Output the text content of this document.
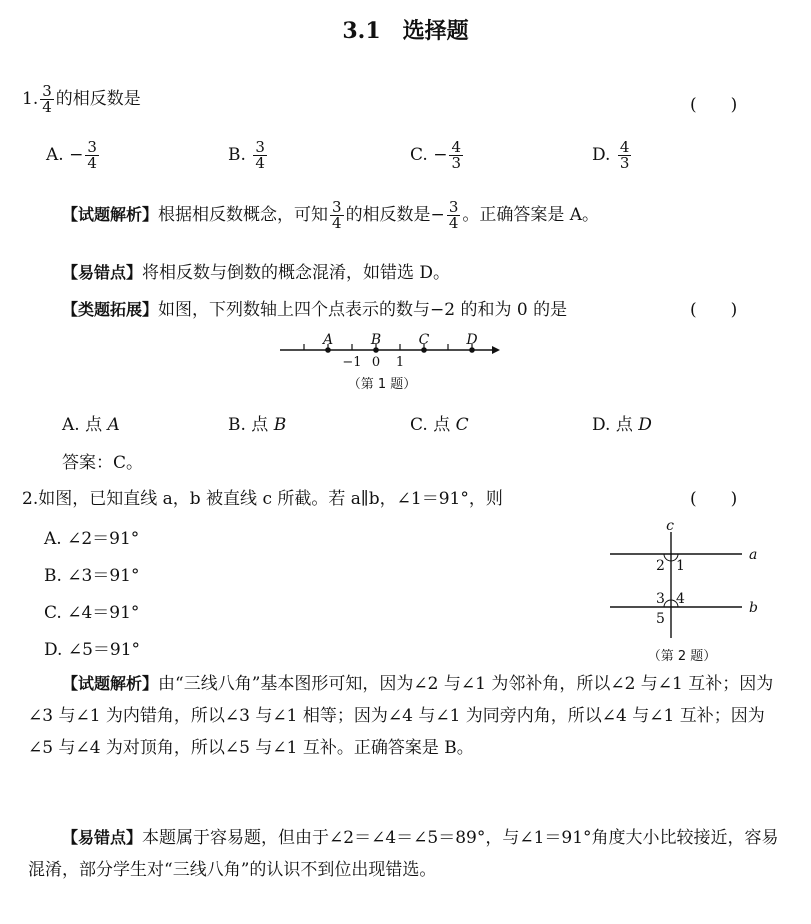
3.1　选择题
1. $\frac{3}{4}$ 的相反数是	(　　)
A. − $\frac{3}{4}$	B. $\frac{3}{4}$	C. − $\frac{4}{3}$	D. $\frac{4}{3}$
【试题解析】根据相反数概念，可知 $\frac{3}{4}$ 的相反数是− $\frac{3}{4}$ 。正确答案是 A。
【易错点】将相反数与倒数的概念混淆，如错选 D。
【类题拓展】如图，下列数轴上四个点表示的数与−2 的和为 0 的是	(　　)
A	B	C	D
−1 0 1
（第 1 题）
A. 点 A	B. 点 B	C. 点 C	D. 点 D
答案：C。
2.如图，已知直线 a，b 被直线 c 所截。若 a∥b，∠1＝91°，则	(　　)
A. ∠2＝91°
B. ∠3＝91°
C. ∠4＝91°
D. ∠5＝91°
c
a
b
2 1
3 4
5
（第 2 题）
【试题解析】由“三线八角”基本图形可知，因为∠2 与∠1 为邻补角，所以∠2 与∠1 互补；因为∠3 与∠1 为内错角，所以∠3 与∠1 相等；因为∠4 与∠1 为同旁内角，所以∠4 与∠1 互补；因为∠5 与∠4 为对顶角，所以∠5 与∠1 互补。正确答案是 B。
【易错点】本题属于容易题，但由于∠2＝∠4＝∠5＝89°，与∠1＝91°角度大小比较接近，容易混淆，部分学生对“三线八角”的认识不到位出现错选。
